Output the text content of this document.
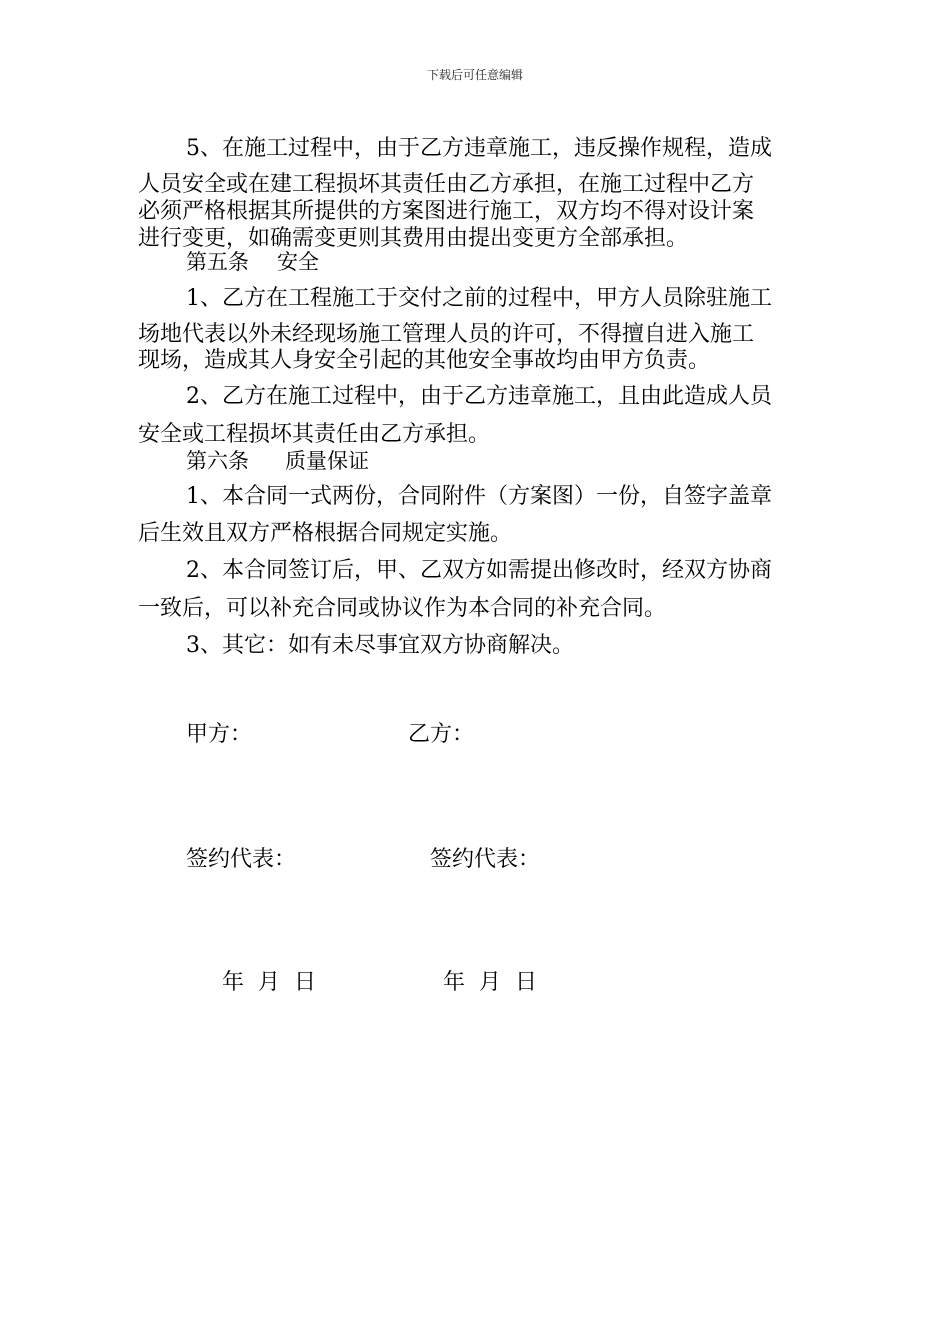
下载后可任意编辑
5、在施工过程中，由于乙方违章施工，违反操作规程，造成
人员安全或在建工程损坏其责任由乙方承担，在施工过程中乙方
必须严格根据其所提供的方案图进行施工，双方均不得对设计案
进行变更，如确需变更则其费用由提出变更方全部承担。
第五条 安全
1、乙方在工程施工于交付之前的过程中，甲方人员除驻施工
场地代表以外未经现场施工管理人员的许可，不得擅自进入施工
现场，造成其人身安全引起的其他安全事故均由甲方负责。
2、乙方在施工过程中，由于乙方违章施工，且由此造成人员
安全或工程损坏其责任由乙方承担。
第六条 质量保证
1、本合同一式两份，合同附件（方案图）一份，自签字盖章
后生效且双方严格根据合同规定实施。
2、本合同签订后，甲、乙双方如需提出修改时，经双方协商
一致后，可以补充合同或协议作为本合同的补充合同。
3、其它：如有未尽事宜双方协商解决。
甲方：	乙方：
签约代表：	签约代表：
年 月 日	年 月 日
